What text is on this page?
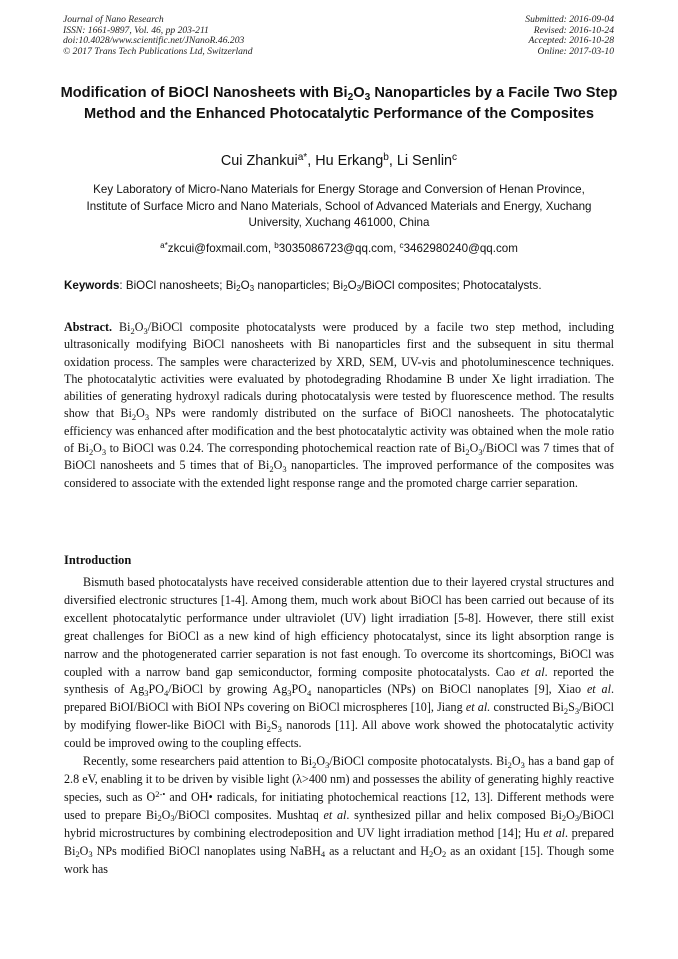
Journal of Nano Research
ISSN: 1661-9897, Vol. 46, pp 203-211
doi:10.4028/www.scientific.net/JNanoR.46.203
© 2017 Trans Tech Publications Ltd, Switzerland
Submitted: 2016-09-04
Revised: 2016-10-24
Accepted: 2016-10-28
Online: 2017-03-10
Modification of BiOCl Nanosheets with $Bi_2O_3$ Nanoparticles by a Facile Two Step Method and the Enhanced Photocatalytic Performance of the Composites
Cui Zhankui$^{a*}$, Hu Erkang$^b$, Li Senlin$^c$
Key Laboratory of Micro-Nano Materials for Energy Storage and Conversion of Henan Province,
Institute of Surface Micro and Nano Materials, School of Advanced Materials and Energy, Xuchang
University, Xuchang 461000, China
$^{a*}$zkcui@foxmail.com, $^b$3035086723@qq.com, $^c$3462980240@qq.com
Keywords: BiOCl nanosheets; $Bi_2O_3$ nanoparticles; $Bi_2O_3$/BiOCl composites; Photocatalysts.

Abstract. $Bi_2O_3$/BiOCl composite photocatalysts were produced by a facile two step method, including ultrasonically modifying BiOCl nanosheets with Bi nanoparticles first and the subsequent in situ thermal oxidation process. The samples were characterized by XRD, SEM, UV-vis and photoluminescence techniques. The photocatalytic activities were evaluated by photodegrading Rhodamine B under Xe light irradiation. The abilities of generating hydroxyl radicals during photocatalysis were tested by fluorescence method. The results show that $Bi_2O_3$ NPs were randomly distributed on the surface of BiOCl nanosheets. The photocatalytic efficiency was enhanced after modification and the best photocatalytic activity was obtained when the mole ratio of $Bi_2O_3$ to BiOCl was 0.24. The corresponding photochemical reaction rate of $Bi_2O_3$/BiOCl was 7 times that of BiOCl nanosheets and 5 times that of $Bi_2O_3$ nanoparticles. The improved performance of the composites was considered to associate with the extended light response range and the promoted charge carrier separation.

Introduction

Bismuth based photocatalysts have received considerable attention due to their layered crystal structures and diversified electronic structures [1-4]. Among them, much work about BiOCl has been carried out because of its excellent photocatalytic performance under ultraviolet (UV) light irradiation [5-8]. However, there still exist great challenges for BiOCl as a new kind of high efficiency photocatalyst, since its light absorption range is narrow and the photogenerated carrier separation is not fast enough. To overcome its shortcomings, BiOCl was coupled with a narrow band gap semiconductor, forming composite photocatalysts. Cao et al. reported the synthesis of $Ag_3PO_4$/BiOCl by growing $Ag_3PO_4$ nanoparticles (NPs) on BiOCl nanoplates [9], Xiao et al. prepared BiOI/BiOCl with BiOI NPs covering on BiOCl microspheres [10], Jiang et al. constructed $Bi_2S_3$/BiOCl by modifying flower-like BiOCl with $Bi_2S_3$ nanorods [11]. All above work showed the photocatalytic activity could be improved owing to the coupling effects.

Recently, some researchers paid attention to $Bi_2O_3$/BiOCl composite photocatalysts. $Bi_2O_3$ has a band gap of 2.8 eV, enabling it to be driven by visible light (λ>400 nm) and possesses the ability of generating highly reactive species, such as $O^{2-•}$ and OH• radicals, for initiating photochemical reactions [12, 13]. Different methods were used to prepare $Bi_2O_3$/BiOCl composites. Mushtaq et al. synthesized pillar and helix composed $Bi_2O_3$/BiOCl hybrid microstructures by combining electrodeposition and UV light irradiation method [14]; Hu et al. prepared $Bi_2O_3$ NPs modified BiOCl nanoplates using NaBH$_4$ as a reluctant and $H_2O_2$ as an oxidant [15]. Though some work has
